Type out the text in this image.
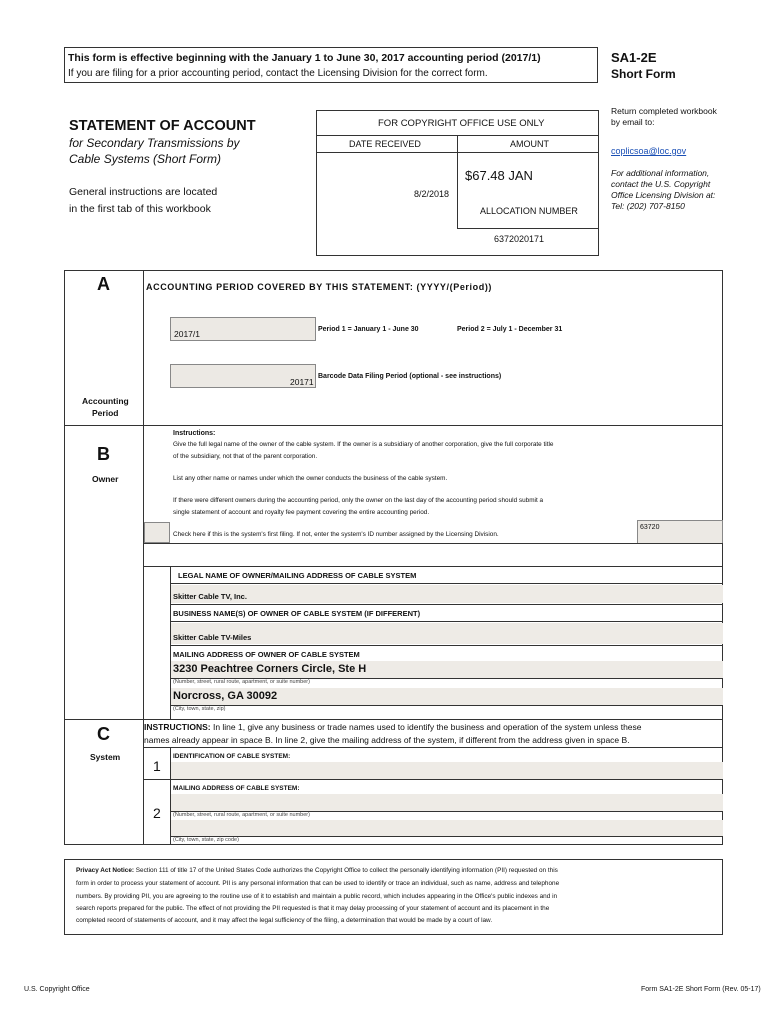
This form is effective beginning with the January 1 to June 30, 2017 accounting period (2017/1)
If you are filing for a prior accounting period, contact the Licensing Division for the correct form.
SA1-2E
Short Form
STATEMENT OF ACCOUNT
for Secondary Transmissions by
Cable Systems (Short Form)
General instructions are located
in the first tab of this workbook
FOR COPYRIGHT OFFICE USE ONLY
DATE RECEIVED	AMOUNT
$67.48 JAN
8/2/2018
ALLOCATION NUMBER
6372020171
Return completed workbook
by email to:
coplicsoa@loc.gov
For additional information,
contact the U.S. Copyright
Office Licensing Division at:
Tel: (202) 707-8150
A
Accounting
Period
ACCOUNTING PERIOD COVERED BY THIS STATEMENT: (YYYY/(Period))
2017/1	Period 1 = January 1 - June 30	Period 2 = July 1 - December 31
20171
Barcode Data Filing Period (optional - see instructions)
B
Owner
Instructions:
Give the full legal name of the owner of the cable system. If the owner is a subsidiary of another corporation, give the full corporate title
of the subsidiary, not that of the parent corporation.
List any other name or names under which the owner conducts the business of the cable system.
If there were different owners during the accounting period, only the owner on the last day of the accounting period should submit a
single statement of account and royalty fee payment covering the entire accounting period.
Check here if this is the system's first filing. If not, enter the system's ID number assigned by the Licensing Division.
63720
LEGAL NAME OF OWNER/MAILING ADDRESS OF CABLE SYSTEM
Skitter Cable TV, Inc.
BUSINESS NAME(S) OF OWNER OF CABLE SYSTEM (IF DIFFERENT)
Skitter Cable TV-Miles
MAILING ADDRESS OF OWNER OF CABLE SYSTEM
3230 Peachtree Corners Circle, Ste H
(Number, street, rural route, apartment, or suite number)
Norcross, GA 30092
(City, town, state, zip)
C
System
INSTRUCTIONS: In line 1, give any business or trade names used to identify the business and operation of the system unless these
names already appear in space B. In line 2, give the mailing address of the system, if different from the address given in space B.
1
IDENTIFICATION OF CABLE SYSTEM:
MAILING ADDRESS OF CABLE SYSTEM:
2 (Number, street, rural route, apartment, or suite number)
(City, town, state, zip code)
Privacy Act Notice: Section 111 of title 17 of the United States Code authorizes the Copyright Office to collect the personally identifying information (PII) requested on this
form in order to process your statement of account. PII is any personal information that can be used to identify or trace an individual, such as name, address and telephone
numbers. By providing PII, you are agreeing to the routine use of it to establish and maintain a public record, which includes appearing in the Office's public indexes and in
search reports prepared for the public. The effect of not providing the PII requested is that it may delay processing of your statement of account and its placement in the
completed record of statements of account, and it may affect the legal sufficiency of the filing, a determination that would be made by a court of law.
U.S. Copyright Office	Form SA1-2E Short Form (Rev. 05-17)
